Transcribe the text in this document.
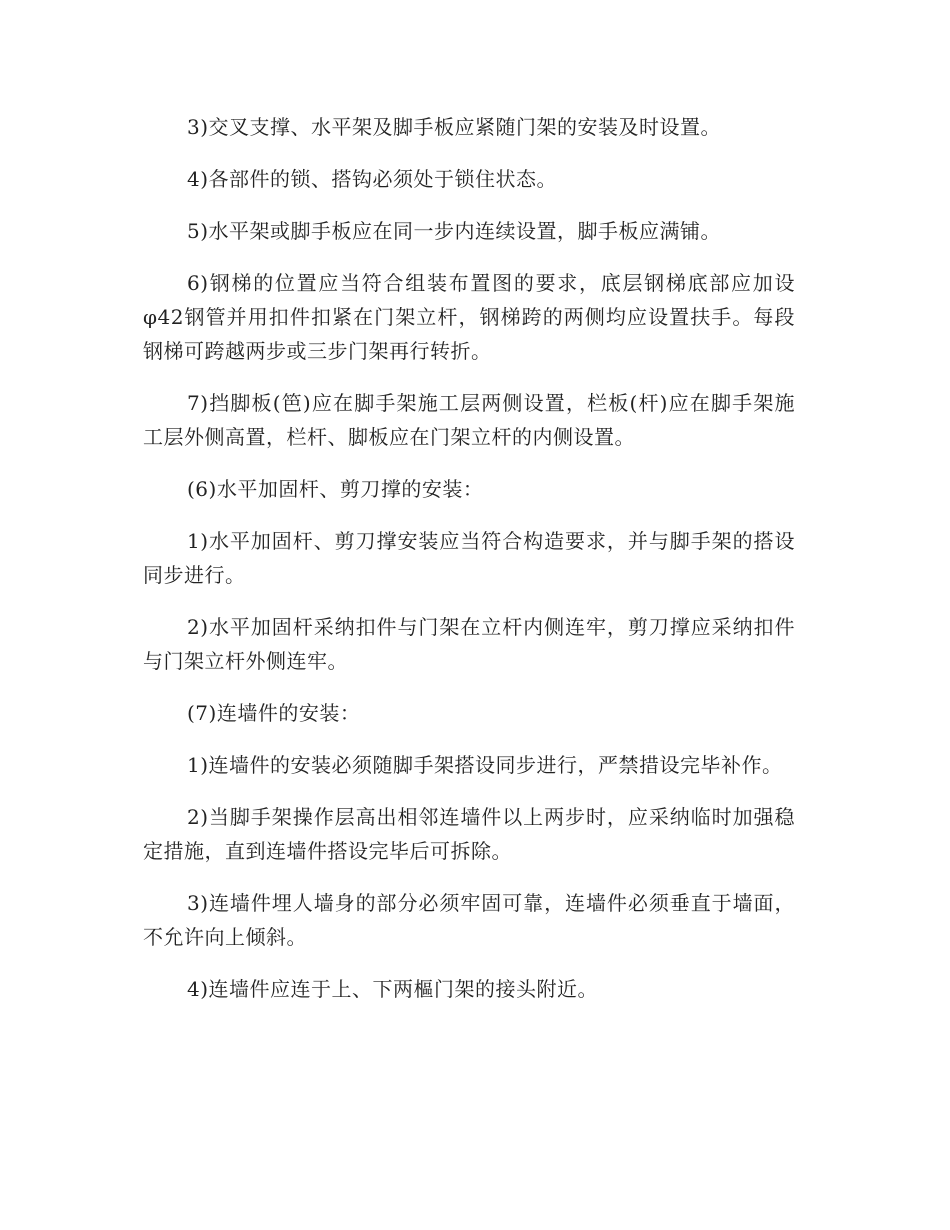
3)交叉支撑、水平架及脚手板应紧随门架的安装及时设置。

4)各部件的锁、搭钩必须处于锁住状态。

5)水平架或脚手板应在同一步内连续设置，脚手板应满铺。

6)钢梯的位置应当符合组装布置图的要求，底层钢梯底部应加设φ42钢管并用扣件扣紧在门架立杆，钢梯跨的两侧均应设置扶手。每段钢梯可跨越两步或三步门架再行转折。

7)挡脚板(笆)应在脚手架施工层两侧设置，栏板(杆)应在脚手架施工层外侧高置，栏杆、脚板应在门架立杆的内侧设置。

(6)水平加固杆、剪刀撑的安装：

1)水平加固杆、剪刀撑安装应当符合构造要求，并与脚手架的搭设同步进行。

2)水平加固杆采纳扣件与门架在立杆内侧连牢，剪刀撑应采纳扣件与门架立杆外侧连牢。

(7)连墙件的安装：

1)连墙件的安装必须随脚手架搭设同步进行，严禁措设完毕补作。

2)当脚手架操作层高出相邻连墙件以上两步时，应采纳临时加强稳定措施，直到连墙件搭设完毕后可拆除。

3)连墙件埋人墙身的部分必须牢固可靠，连墙件必须垂直于墙面，不允许向上倾斜。

4)连墙件应连于上、下两樞门架的接头附近。
